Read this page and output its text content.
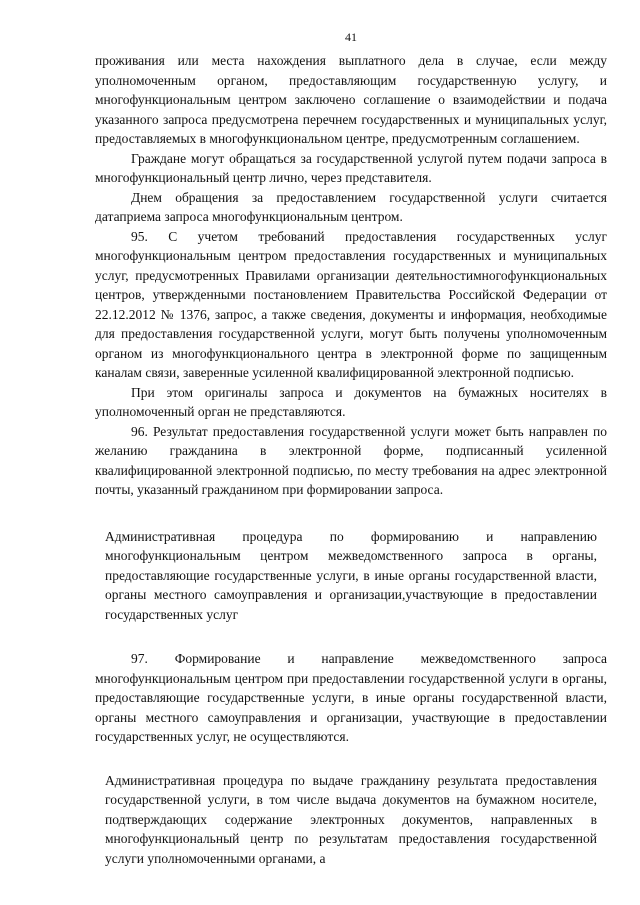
41

проживания или места нахождения выплатного дела в случае, если между уполномоченным органом, предоставляющим государственную услугу, и многофункциональным центром заключено соглашение о взаимодействии и подача указанного запроса предусмотрена перечнем государственных и муниципальных услуг, предоставляемых в многофункциональном центре, предусмотренным соглашением.

Граждане могут обращаться за государственной услугой путем подачи запроса в многофункциональный центр лично, через представителя.

Днем обращения за предоставлением государственной услуги считается датаприема запроса многофункциональным центром.

95. С учетом требований предоставления государственных услуг многофункциональным центром предоставления государственных и муниципальных услуг, предусмотренных Правилами организации деятельностимногофункциональных центров, утвержденными постановлением Правительства Российской Федерации от 22.12.2012 № 1376, запрос, а также сведения, документы и информация, необходимые для предоставления государственной услуги, могут быть получены уполномоченным органом из многофункционального центра в электронной форме по защищенным каналам связи, заверенные усиленной квалифицированной электронной подписью.

При этом оригиналы запроса и документов на бумажных носителях в уполномоченный орган не представляются.

96. Результат предоставления государственной услуги может быть направлен по желанию гражданина в электронной форме, подписанный усиленной квалифицированной электронной подписью, по месту требования на адрес электронной почты, указанный гражданином при формировании запроса.

Административная процедура по формированию и направлению многофункциональным центром межведомственного запроса в органы, предоставляющие государственные услуги, в иные органы государственной власти, органы местного самоуправления и организации,участвующие в предоставлении государственных услуг

97. Формирование и направление межведомственного запроса многофункциональным центром при предоставлении государственной услуги в органы, предоставляющие государственные услуги, в иные органы государственной власти, органы местного самоуправления и организации, участвующие в предоставлении государственных услуг, не осуществляются.

Административная процедура по выдаче гражданину результата предоставления государственной услуги, в том числе выдача документов на бумажном носителе, подтверждающих содержание электронных документов, направленных в многофункциональный центр по результатам предоставления государственной услуги уполномоченными органами, а
